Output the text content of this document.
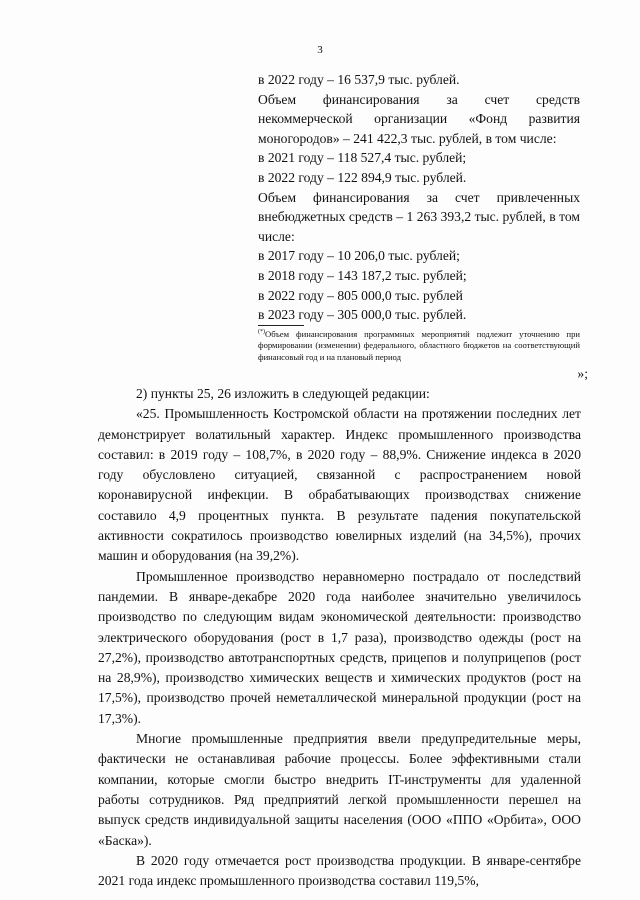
3
в 2022 году – 16 537,9 тыс. рублей.
Объем финансирования за счет средств некоммерческой организации «Фонд развития моногородов» – 241 422,3 тыс. рублей, в том числе:
в 2021 году – 118 527,4 тыс. рублей;
в 2022 году – 122 894,9 тыс. рублей.
Объем финансирования за счет привлеченных внебюджетных средств – 1 263 393,2 тыс. рублей, в том числе:
в 2017 году – 10 206,0 тыс. рублей;
в 2018 году – 143 187,2 тыс. рублей;
в 2022 году – 805 000,0 тыс. рублей
в 2023 году – 305 000,0 тыс. рублей.
(*)Объем финансирования программных мероприятий подлежит уточнению при формировании (изменении) федерального, областного бюджетов на соответствующий финансовый год и на плановый период
»;

2) пункты 25, 26 изложить в следующей редакции:

«25. Промышленность Костромской области на протяжении последних лет демонстрирует волатильный характер. Индекс промышленного производства составил: в 2019 году – 108,7%, в 2020 году – 88,9%. Снижение индекса в 2020 году обусловлено ситуацией, связанной с распространением новой коронавирусной инфекции. В обрабатывающих производствах снижение составило 4,9 процентных пункта. В результате падения покупательской активности сократилось производство ювелирных изделий (на 34,5%), прочих машин и оборудования (на 39,2%).

Промышленное производство неравномерно пострадало от последствий пандемии. В январе-декабре 2020 года наиболее значительно увеличилось производство по следующим видам экономической деятельности: производство электрического оборудования (рост в 1,7 раза), производство одежды (рост на 27,2%), производство автотранспортных средств, прицепов и полуприцепов (рост на 28,9%), производство химических веществ и химических продуктов (рост на 17,5%), производство прочей неметаллической минеральной продукции (рост на 17,3%).

Многие промышленные предприятия ввели предупредительные меры, фактически не останавливая рабочие процессы. Более эффективными стали компании, которые смогли быстро внедрить IT-инструменты для удаленной работы сотрудников. Ряд предприятий легкой промышленности перешел на выпуск средств индивидуальной защиты населения (ООО «ППО «Орбита», ООО «Баска»).

В 2020 году отмечается рост производства продукции. В январе-сентябре 2021 года индекс промышленного производства составил 119,5%,
